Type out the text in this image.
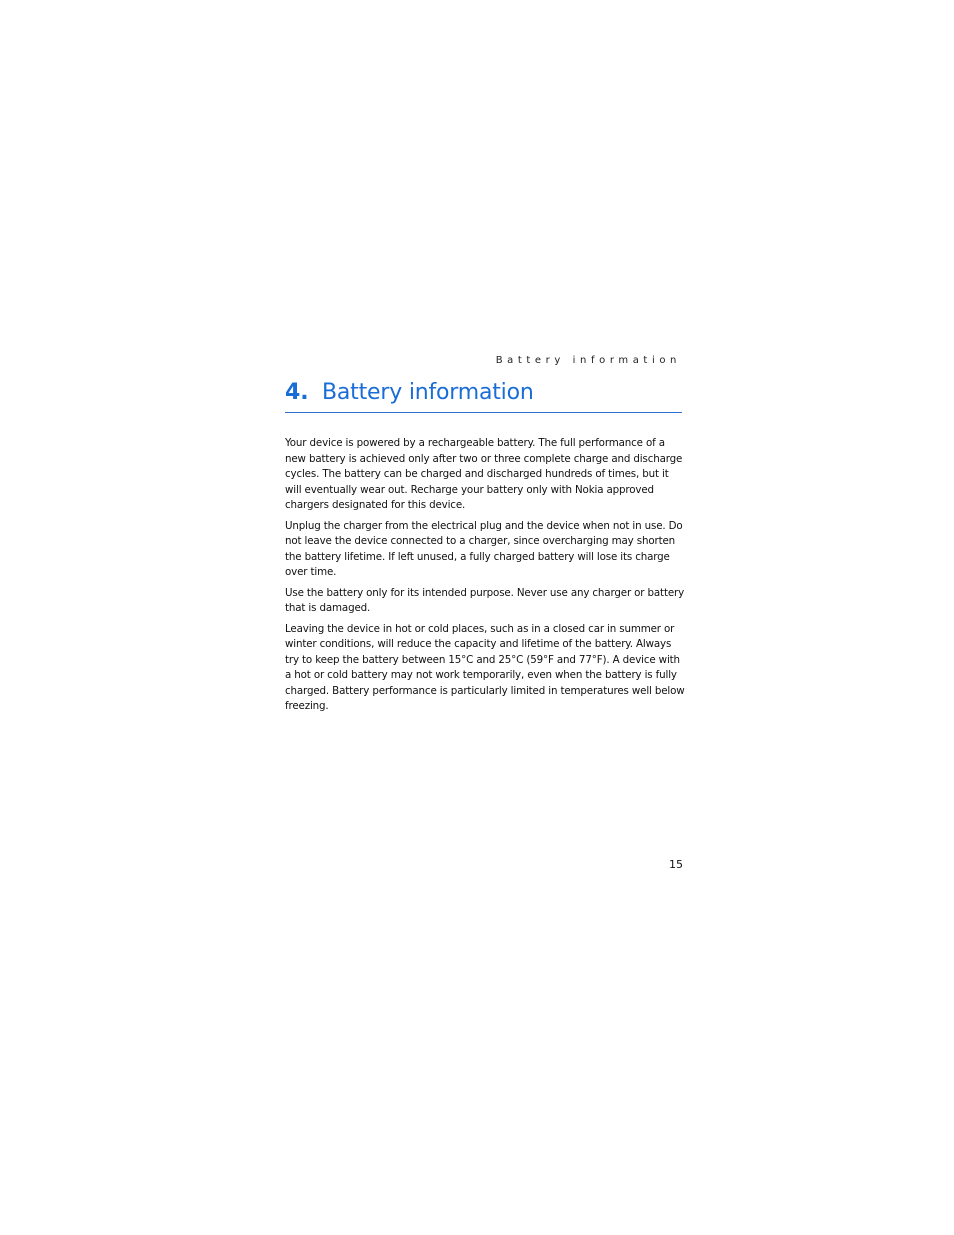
Battery information
4. Battery information

Your device is powered by a rechargeable battery. The full performance of a new battery is achieved only after two or three complete charge and discharge cycles. The battery can be charged and discharged hundreds of times, but it will eventually wear out. Recharge your battery only with Nokia approved chargers designated for this device.

Unplug the charger from the electrical plug and the device when not in use. Do not leave the device connected to a charger, since overcharging may shorten the battery lifetime. If left unused, a fully charged battery will lose its charge over time.

Use the battery only for its intended purpose. Never use any charger or battery that is damaged.

Leaving the device in hot or cold places, such as in a closed car in summer or winter conditions, will reduce the capacity and lifetime of the battery. Always try to keep the battery between 15°C and 25°C (59°F and 77°F). A device with a hot or cold battery may not work temporarily, even when the battery is fully charged. Battery performance is particularly limited in temperatures well below freezing.

15
